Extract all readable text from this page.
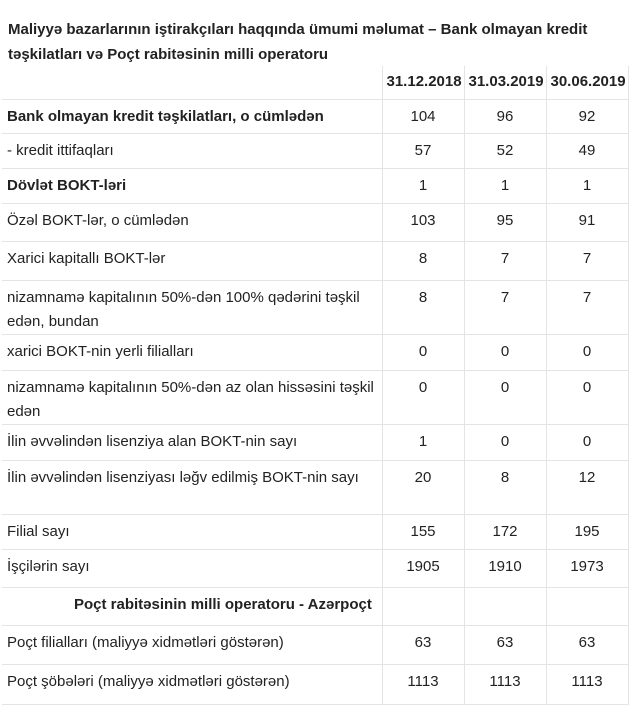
Maliyyə bazarlarının iştirakçıları haqqında ümumi məlumat – Bank olmayan kredit təşkilatları və Poçt rabitəsinin milli operatoru
	31.12.2018	31.03.2019	30.06.2019
Bank olmayan kredit təşkilatları, o cümlədən	104	96	92
- kredit ittifaqları	57	52	49
Dövlət BOKT-ləri	1	1	1
Özəl BOKT-lər, o cümlədən	103	95	91
Xarici kapitallı BOKT-lər	8	7	7
nizamnamə kapitalının 50%-dən 100% qədərini təşkil edən, bundan	8	7	7
xarici BOKT-nin yerli filialları	0	0	0
nizamnamə kapitalının 50%-dən az olan hissəsini təşkil edən	0	0	0
İlin əvvəlindən lisenziya alan BOKT-nin sayı	1	0	0
İlin əvvəlindən lisenziyası ləğv edilmiş BOKT-nin sayı	20	8	12
Filial sayı	155	172	195
İşçilərin sayı	1905	1910	1973
Poçt rabitəsinin milli operatoru - Azərpoçt			
Poçt filialları (maliyyə xidmətləri göstərən)	63	63	63
Poçt şöbələri (maliyyə xidmətləri göstərən)	1113	1113	1113
